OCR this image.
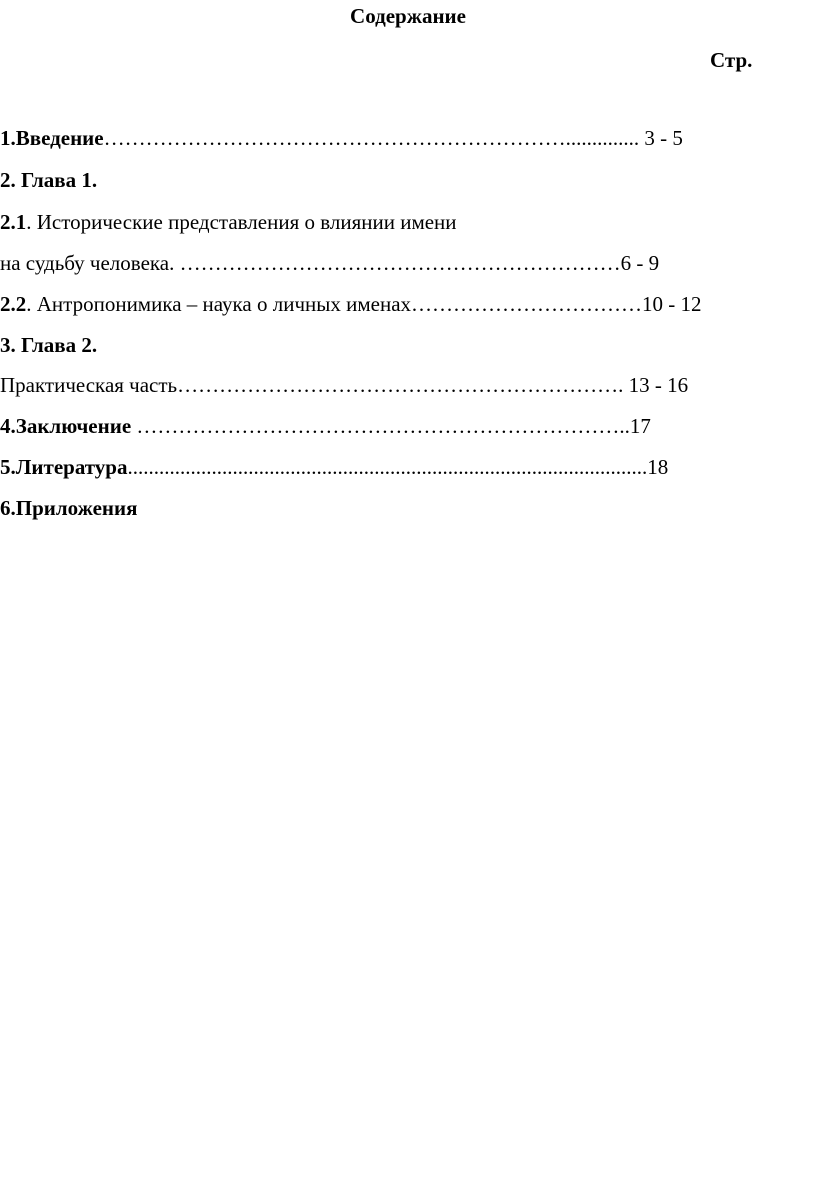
Содержание
Стр.
1.Введение………………………………………………………….............. 3 - 5
2. Глава 1.
2.1. Исторические представления о влиянии имени
на судьбу человека. ………………………………………………………6 - 9
2.2. Антропонимика – наука о личных именах……………………………10 - 12
3. Глава 2.
Практическая часть………………………………………………………. 13 - 16
4.Заключение ……………………………………………………………..17
5.Литература...................................................................................................18
6.Приложения
